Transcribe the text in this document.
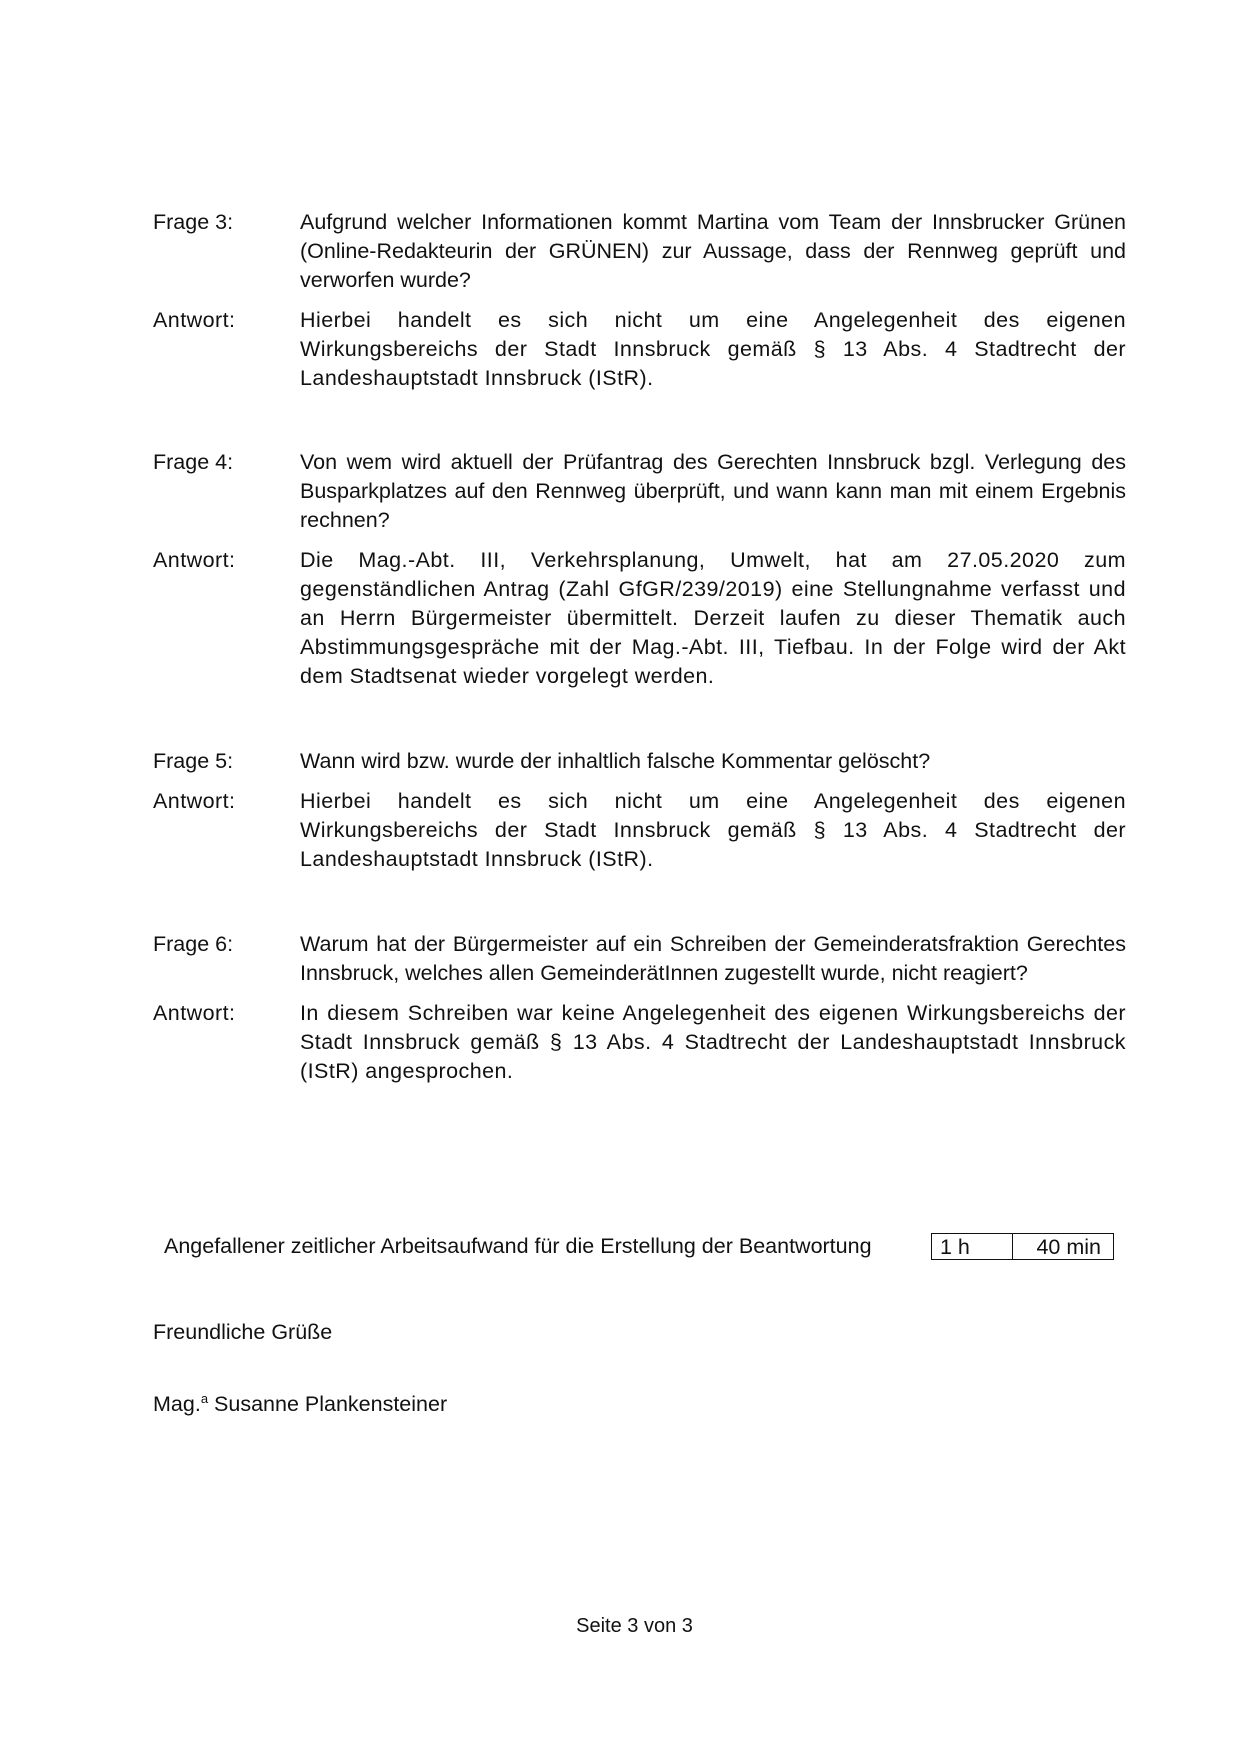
Frage 3:	Aufgrund welcher Informationen kommt Martina vom Team der Innsbrucker Grünen (Online-Redakteurin der GRÜNEN) zur Aussage, dass der Rennweg geprüft und verworfen wurde?
Antwort:	Hierbei handelt es sich nicht um eine Angelegenheit des eigenen Wirkungsbereichs der Stadt Innsbruck gemäß § 13 Abs. 4 Stadtrecht der Landeshauptstadt Innsbruck (IStR).
Frage 4:	Von wem wird aktuell der Prüfantrag des Gerechten Innsbruck bzgl. Verlegung des Busparkplatzes auf den Rennweg überprüft, und wann kann man mit einem Ergebnis rechnen?
Antwort:	Die Mag.-Abt. III, Verkehrsplanung, Umwelt, hat am 27.05.2020 zum gegenständlichen Antrag (Zahl GfGR/239/2019) eine Stellungnahme verfasst und an Herrn Bürgermeister übermittelt. Derzeit laufen zu dieser Thematik auch Abstimmungsgespräche mit der Mag.-Abt. III, Tiefbau. In der Folge wird der Akt dem Stadtsenat wieder vorgelegt werden.
Frage 5:	Wann wird bzw. wurde der inhaltlich falsche Kommentar gelöscht?
Antwort:	Hierbei handelt es sich nicht um eine Angelegenheit des eigenen Wirkungsbereichs der Stadt Innsbruck gemäß § 13 Abs. 4 Stadtrecht der Landeshauptstadt Innsbruck (IStR).
Frage 6:	Warum hat der Bürgermeister auf ein Schreiben der Gemeinderatsfraktion Gerechtes Innsbruck, welches allen GemeinderätInnen zugestellt wurde, nicht reagiert?
Antwort:	In diesem Schreiben war keine Angelegenheit des eigenen Wirkungsbereichs der Stadt Innsbruck gemäß § 13 Abs. 4 Stadtrecht der Landeshauptstadt Innsbruck (IStR) angesprochen.
Angefallener zeitlicher Arbeitsaufwand für die Erstellung der Beantwortung	1 h	40 min
Freundliche Grüße
Mag.$^a$ Susanne Plankensteiner
Seite 3 von 3
